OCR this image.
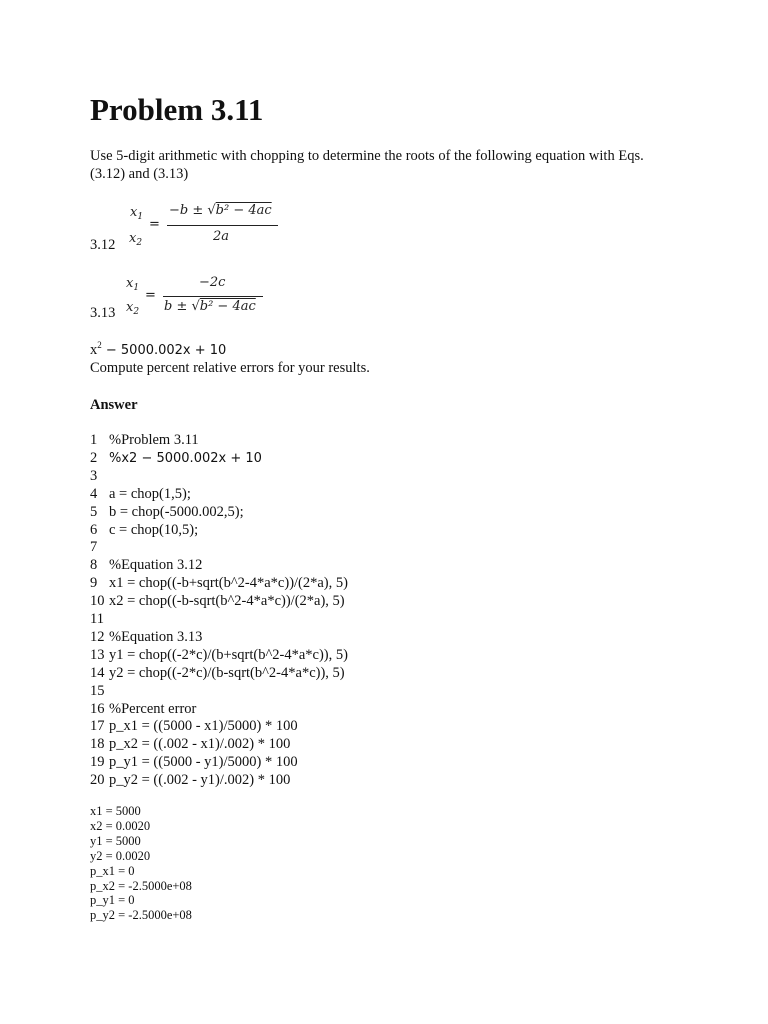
Problem 3.11
Use 5-digit arithmetic with chopping to determine the roots of the following equation with Eqs.
(3.12) and (3.13)
$x_1$
$x_2$
=
−b ± √b² − 4ac
2a
3.12
$x_1$
$x_2$
=
−2c
b ± √b² − 4ac
3.13
$x^2 - 5000.002x + 10$
Compute percent relative errors for your results.
Answer
1 %Problem 3.11
2 %x2 − 5000.002x + 10
3
4 a = chop(1,5);
5 b = chop(-5000.002,5);
6 c = chop(10,5);
7
8 %Equation 3.12
9 x1 = chop((-b+sqrt(b^2-4*a*c))/(2*a), 5)
10 x2 = chop((-b-sqrt(b^2-4*a*c))/(2*a), 5)
11
12 %Equation 3.13
13 y1 = chop((-2*c)/(b+sqrt(b^2-4*a*c)), 5)
14 y2 = chop((-2*c)/(b-sqrt(b^2-4*a*c)), 5)
15
16 %Percent error
17 p_x1 = ((5000 - x1)/5000) * 100
18 p_x2 = ((.002 - x1)/.002) * 100
19 p_y1 = ((5000 - y1)/5000) * 100
20 p_y2 = ((.002 - y1)/.002) * 100
x1 = 5000
x2 = 0.0020
y1 = 5000
y2 = 0.0020
p_x1 = 0
p_x2 = -2.5000e+08
p_y1 = 0
p_y2 = -2.5000e+08
